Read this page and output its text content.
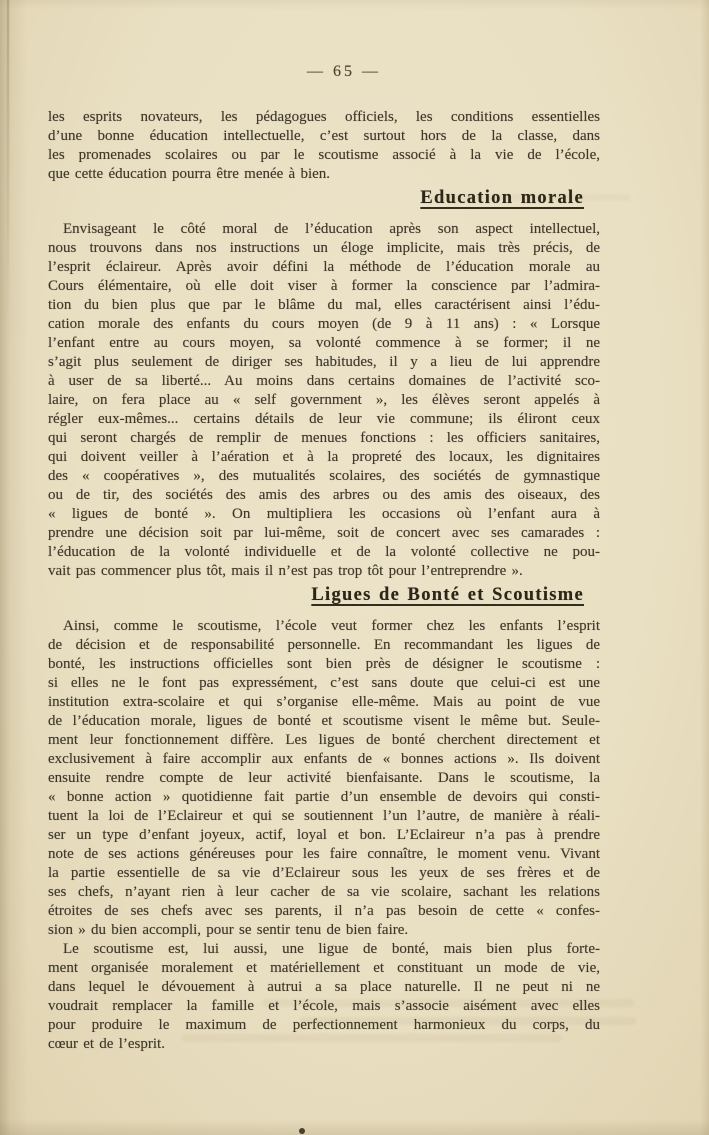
— 65 —
les esprits novateurs, les pédagogues officiels, les conditions essentielles
d’une bonne éducation intellectuelle, c’est surtout hors de la classe, dans
les promenades scolaires ou par le scoutisme associé à la vie de l’école,
que cette éducation pourra être menée à bien.
Education morale
Envisageant le côté moral de l’éducation après son aspect intellectuel,
nous trouvons dans nos instructions un éloge implicite, mais très précis, de
l’esprit éclaireur. Après avoir défini la méthode de l’éducation morale au
Cours élémentaire, où elle doit viser à former la conscience par l’admira-
tion du bien plus que par le blâme du mal, elles caractérisent ainsi l’édu-
cation morale des enfants du cours moyen (de 9 à 11 ans) : « Lorsque
l’enfant entre au cours moyen, sa volonté commence à se former; il ne
s’agit plus seulement de diriger ses habitudes, il y a lieu de lui apprendre
à user de sa liberté... Au moins dans certains domaines de l’activité sco-
laire, on fera place au « self government », les élèves seront appelés à
régler eux-mêmes... certains détails de leur vie commune; ils éliront ceux
qui seront chargés de remplir de menues fonctions : les officiers sanitaires,
qui doivent veiller à l’aération et à la propreté des locaux, les dignitaires
des « coopératives », des mutualités scolaires, des sociétés de gymnastique
ou de tir, des sociétés des amis des arbres ou des amis des oiseaux, des
« ligues de bonté ». On multipliera les occasions où l’enfant aura à
prendre une décision soit par lui-même, soit de concert avec ses camarades :
l’éducation de la volonté individuelle et de la volonté collective ne pou-
vait pas commencer plus tôt, mais il n’est pas trop tôt pour l’entreprendre ».
Ligues de Bonté et Scoutisme
Ainsi, comme le scoutisme, l’école veut former chez les enfants l’esprit
de décision et de responsabilité personnelle. En recommandant les ligues de
bonté, les instructions officielles sont bien près de désigner le scoutisme :
si elles ne le font pas expressément, c’est sans doute que celui-ci est une
institution extra-scolaire et qui s’organise elle-même. Mais au point de vue
de l’éducation morale, ligues de bonté et scoutisme visent le même but. Seule-
ment leur fonctionnement diffère. Les ligues de bonté cherchent directement et
exclusivement à faire accomplir aux enfants de « bonnes actions ». Ils doivent
ensuite rendre compte de leur activité bienfaisante. Dans le scoutisme, la
« bonne action » quotidienne fait partie d’un ensemble de devoirs qui consti-
tuent la loi de l’Eclaireur et qui se soutiennent l’un l’autre, de manière à réali-
ser un type d’enfant joyeux, actif, loyal et bon. L’Eclaireur n’a pas à prendre
note de ses actions généreuses pour les faire connaître, le moment venu. Vivant
la partie essentielle de sa vie d’Eclaireur sous les yeux de ses frères et de
ses chefs, n’ayant rien à leur cacher de sa vie scolaire, sachant les relations
étroites de ses chefs avec ses parents, il n’a pas besoin de cette « confes-
sion » du bien accompli, pour se sentir tenu de bien faire.
Le scoutisme est, lui aussi, une ligue de bonté, mais bien plus forte-
ment organisée moralement et matériellement et constituant un mode de vie,
dans lequel le dévouement à autrui a sa place naturelle. Il ne peut ni ne
voudrait remplacer la famille et l’école, mais s’associe aisément avec elles
pour produire le maximum de perfectionnement harmonieux du corps, du
cœur et de l’esprit.
